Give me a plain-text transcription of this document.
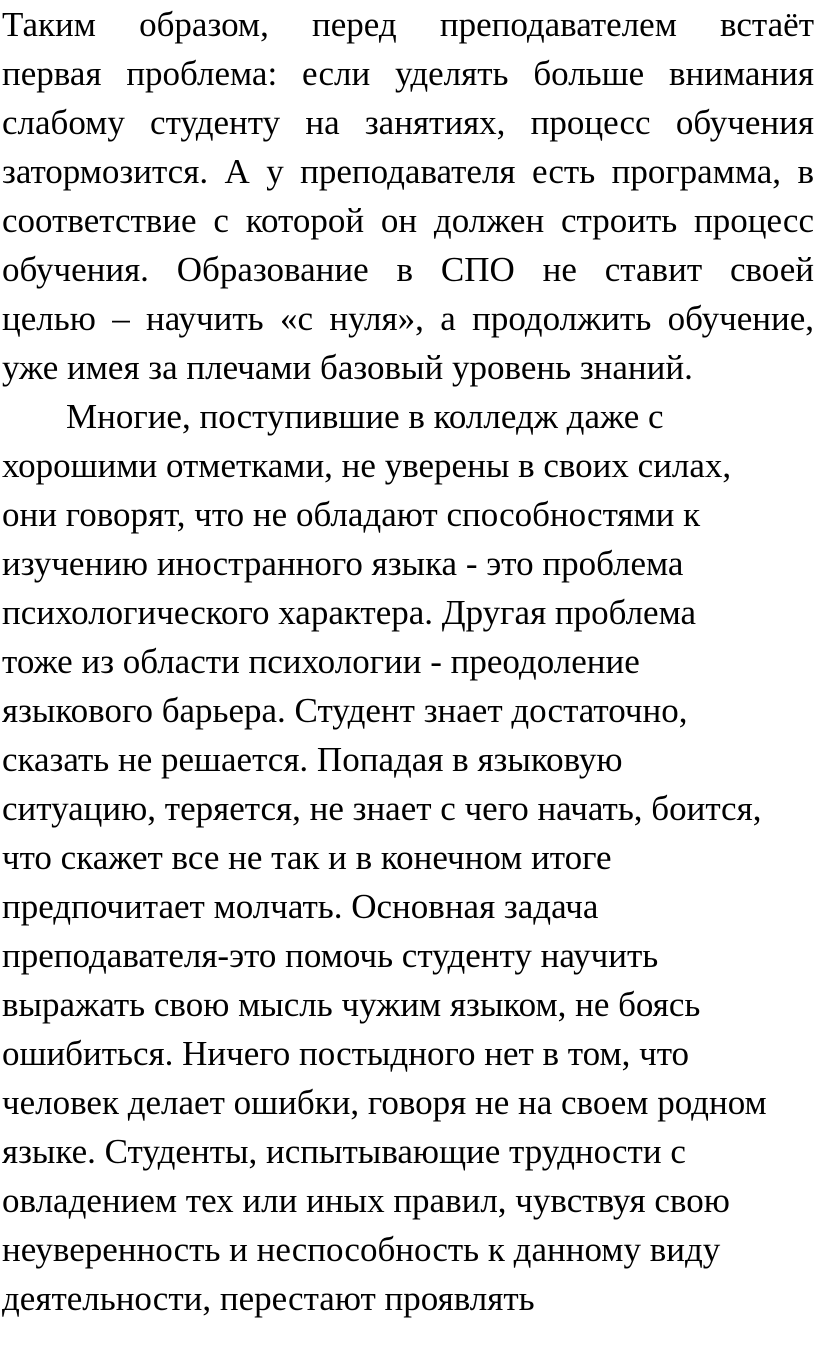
Таким образом, перед преподавателем встаёт
первая проблема: если уделять больше внимания
слабому студенту на занятиях, процесс обучения
затормозится. А у преподавателя есть программа, в
соответствие с которой он должен строить процесс
обучения. Образование в СПО не ставит своей
целью – научить «с нуля», а продолжить обучение,
уже имея за плечами базовый уровень знаний.
Многие, поступившие в колледж даже с
хорошими отметками, не уверены в своих силах,
они говорят, что не обладают способностями к
изучению иностранного языка - это проблема
психологического характера. Другая проблема
тоже из области психологии - преодоление
языкового барьера. Студент знает достаточно,
сказать не решается. Попадая в языковую
ситуацию, теряется, не знает с чего начать, боится,
что скажет все не так и в конечном итоге
предпочитает молчать. Основная задача
преподавателя-это помочь студенту научить
выражать свою мысль чужим языком, не боясь
ошибиться. Ничего постыдного нет в том, что
человек делает ошибки, говоря не на своем родном
языке. Студенты, испытывающие трудности с
овладением тех или иных правил, чувствуя свою
неуверенность и неспособность к данному виду
деятельности, перестают проявлять
